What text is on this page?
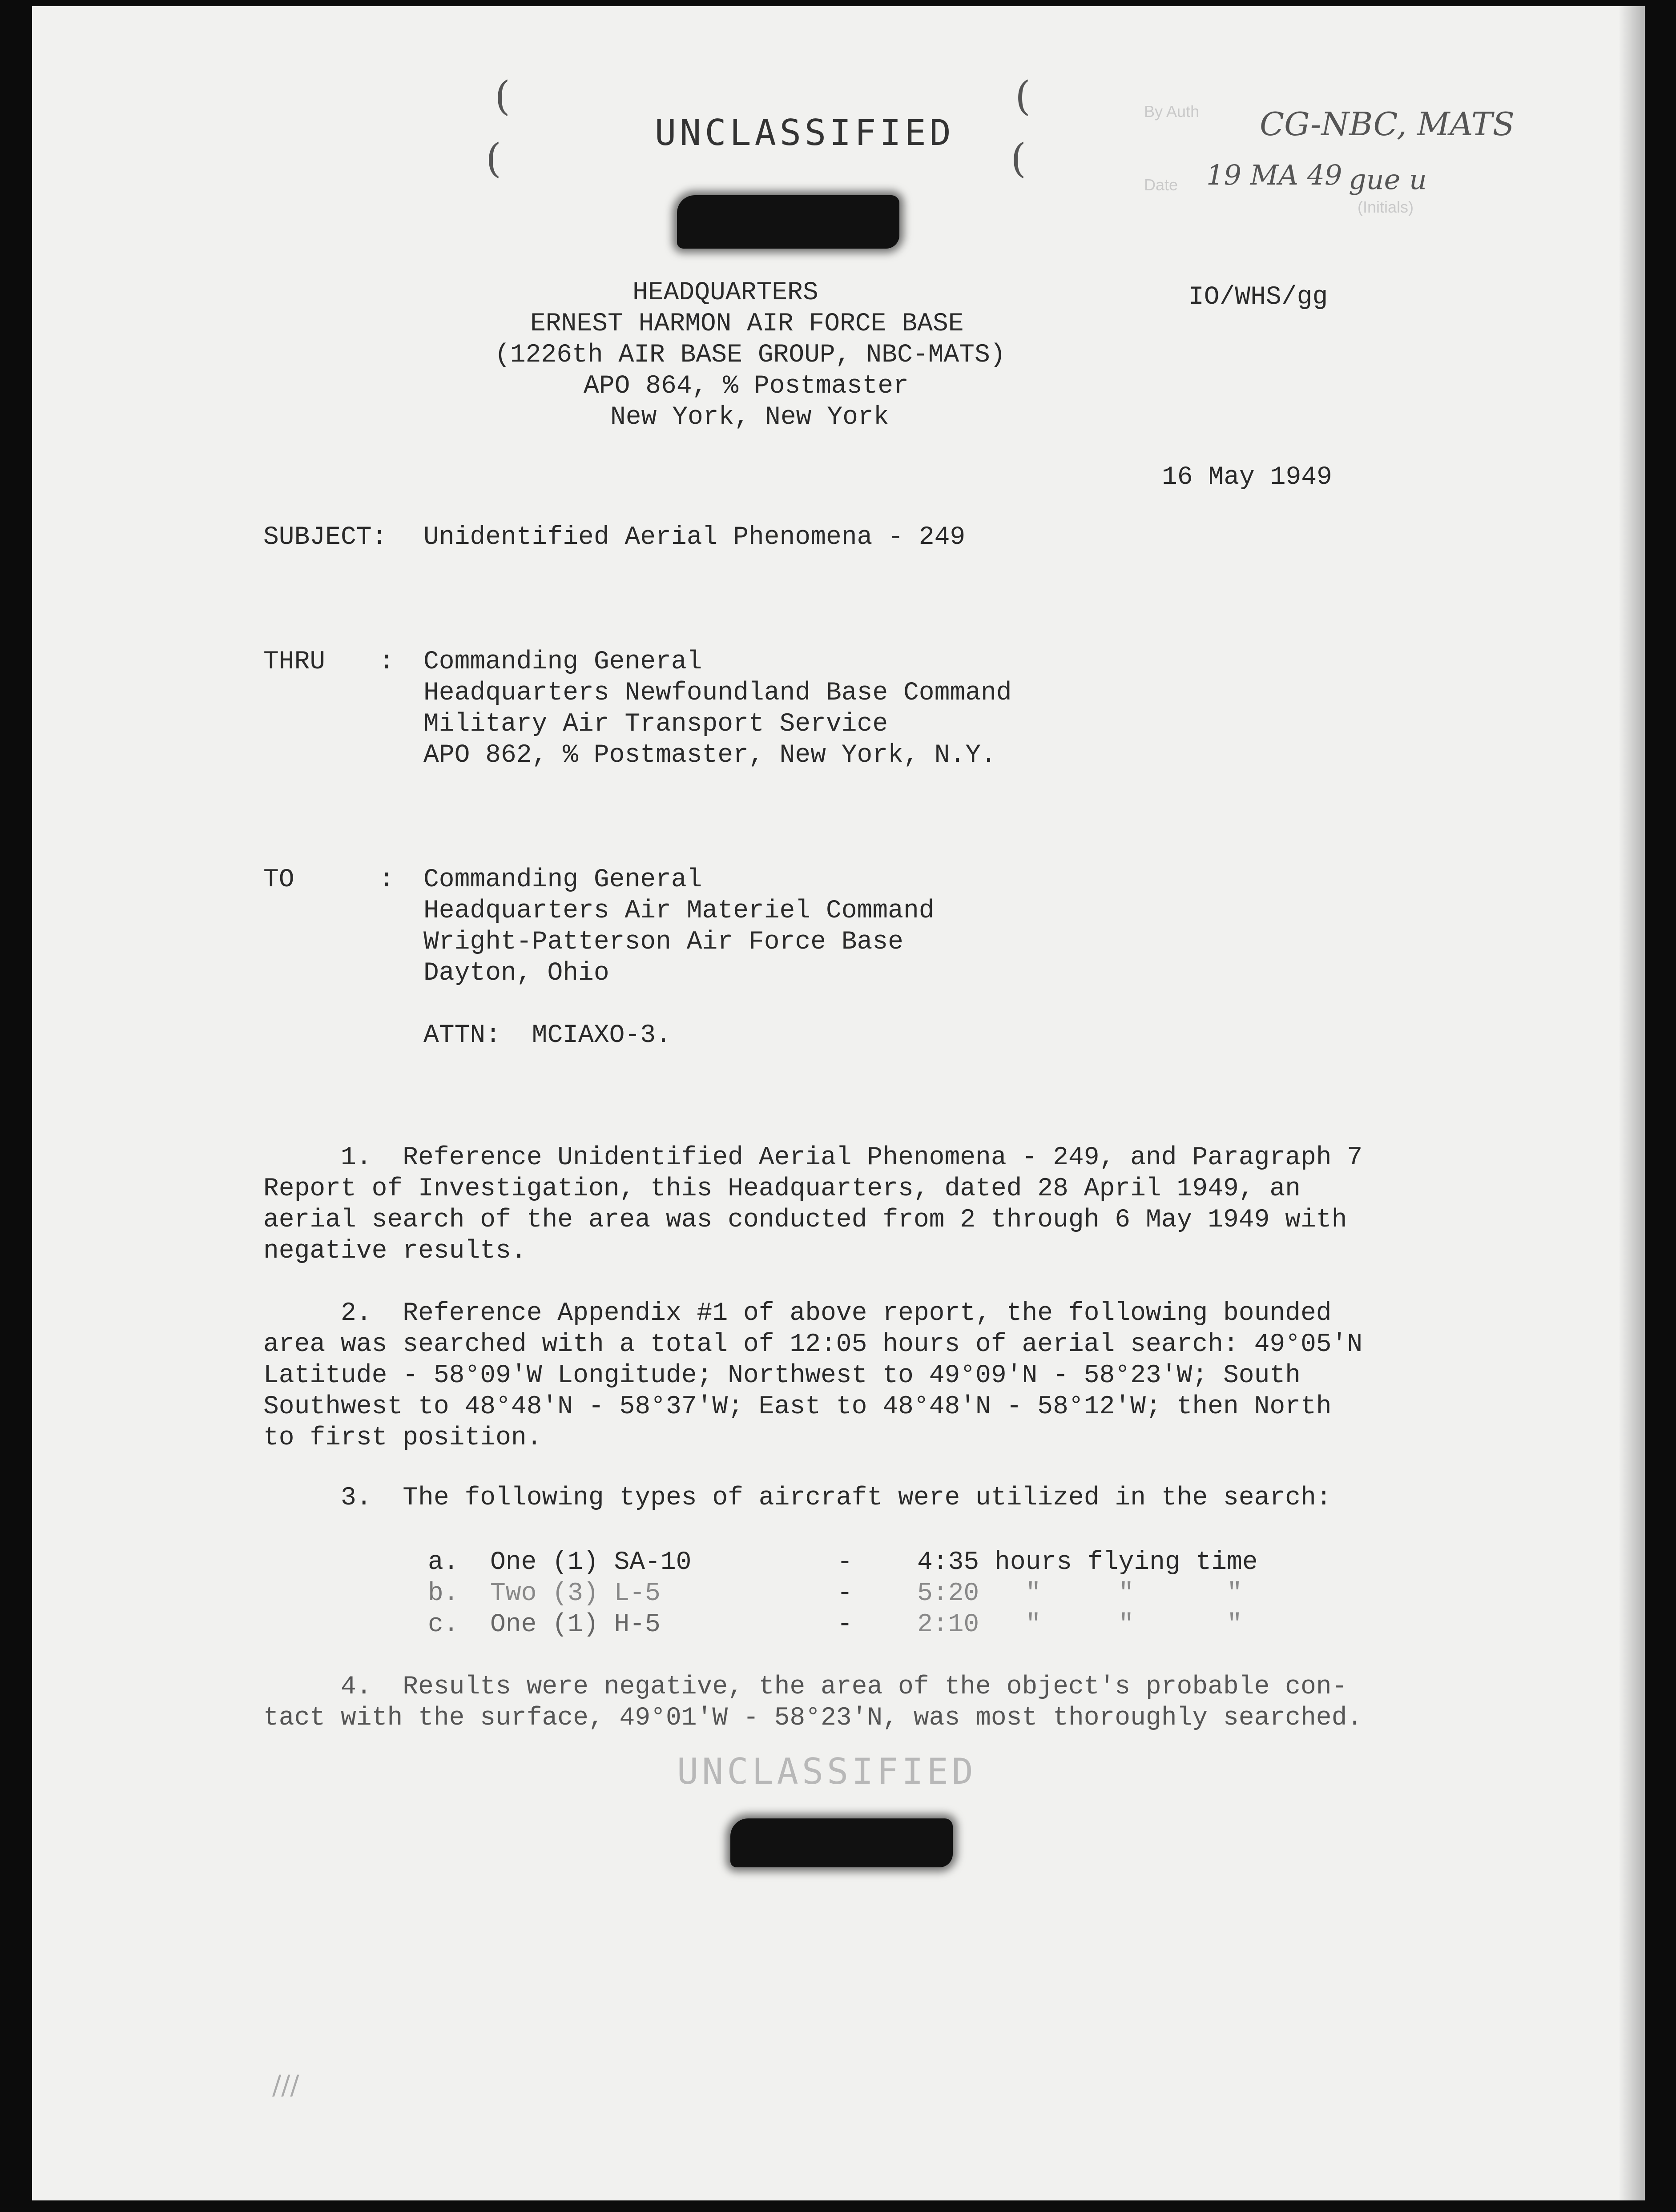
(
(
(
(
UNCLASSIFIED
By Auth
Date
(Initials)
CG-NBC, MATS
19 MA 49 gue u
HEADQUARTERS
ERNEST HARMON AIR FORCE BASE
(1226th AIR BASE GROUP, NBC-MATS)
APO 864, % Postmaster
New York, New York
IO/WHS/gg
16 May 1949
SUBJECT: Unidentified Aerial Phenomena - 249
THRU : Commanding General
Headquarters Newfoundland Base Command
Military Air Transport Service
APO 862, % Postmaster, New York, N.Y.
TO	: Commanding General
Headquarters Air Materiel Command
Wright-Patterson Air Force Base
Dayton, Ohio
ATTN:  MCIAXO-3.
1.  Reference Unidentified Aerial Phenomena - 249, and Paragraph 7
Report of Investigation, this Headquarters, dated 28 April 1949, an
aerial search of the area was conducted from 2 through 6 May 1949 with
negative results.
2.  Reference Appendix #1 of above report, the following bounded
area was searched with a total of 12:05 hours of aerial search: 49°05'N
Latitude - 58°09'W Longitude; Northwest to 49°09'N - 58°23'W; South
Southwest to 48°48'N - 58°37'W; East to 48°48'N - 58°12'W; then North
to first position.
3.  The following types of aircraft were utilized in the search:
a. One (1) SA-10	-	4:35 hours flying time
b. Two (3) L-5	-	5:20   "     "      "
c. One (1) H-5	-	2:10   "     "      "
4.  Results were negative, the area of the object's probable con-
tact with the surface, 49°01'W - 58°23'N, was most thoroughly searched.
UNCLASSIFIED
///
